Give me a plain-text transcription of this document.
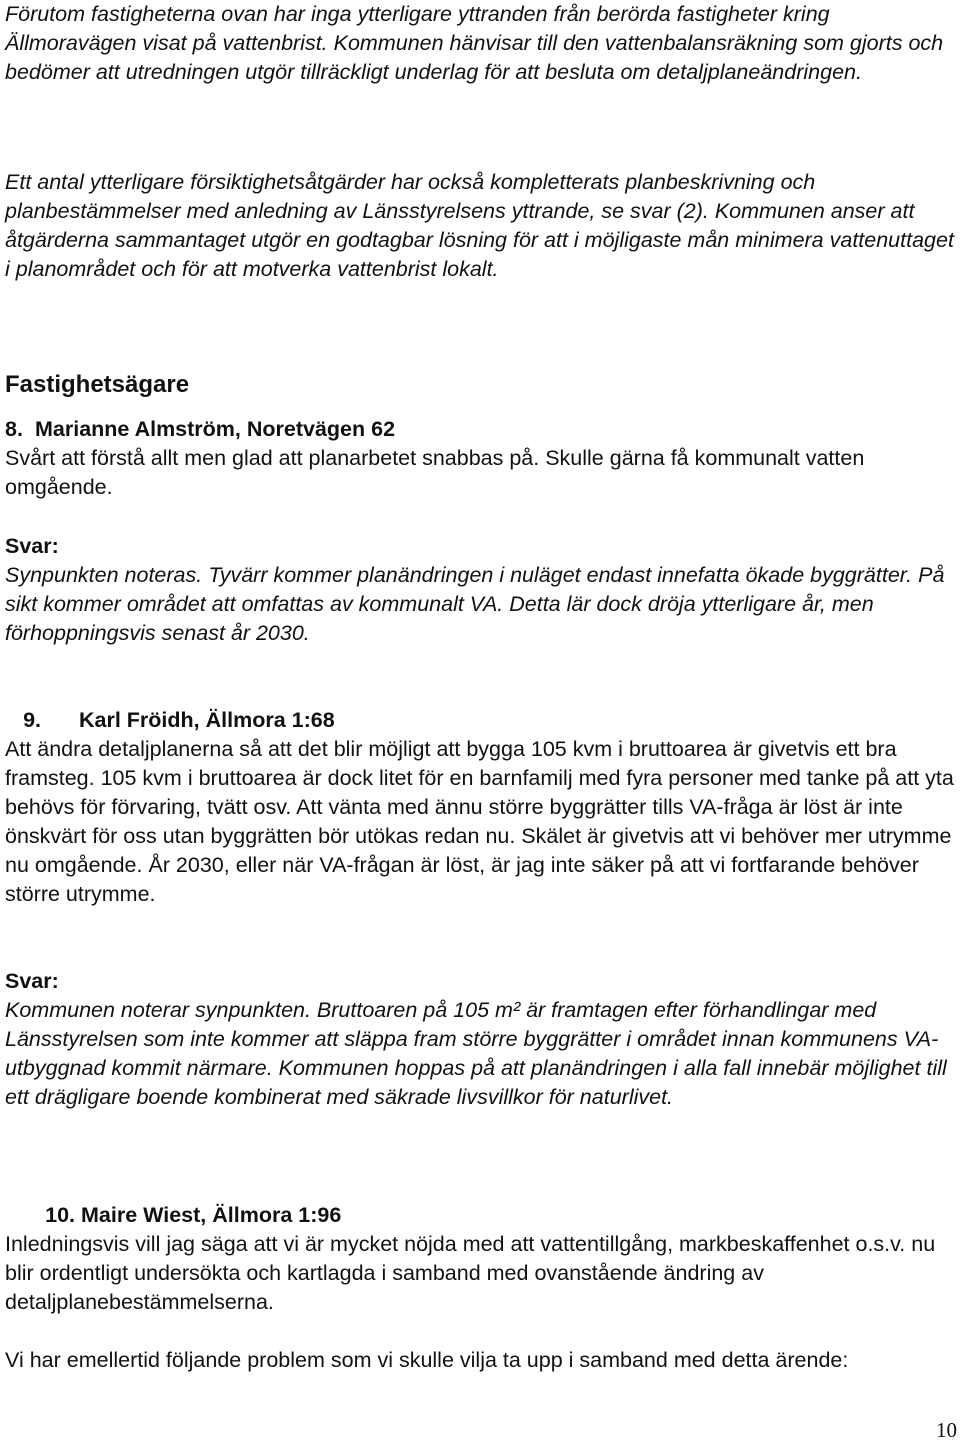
Förutom fastigheterna ovan har inga ytterligare yttranden från berörda fastigheter kring Ällmoravägen visat på vattenbrist. Kommunen hänvisar till den vattenbalansräkning som gjorts och bedömer att utredningen utgör tillräckligt underlag för att besluta om detaljplaneändringen.

Ett antal ytterligare försiktighetsåtgärder har också kompletterats planbeskrivning och planbestämmelser med anledning av Länsstyrelsens yttrande, se svar (2). Kommunen anser att åtgärderna sammantaget utgör en godtagbar lösning för att i möjligaste mån minimera vattenuttaget i planområdet och för att motverka vattenbrist lokalt.

Fastighetsägare
8. Marianne Almström, Noretvägen 62

Svårt att förstå allt men glad att planarbetet snabbas på. Skulle gärna få kommunalt vatten omgående.

Svar:

Synpunkten noteras. Tyvärr kommer planändringen i nuläget endast innefatta ökade byggrätter. På sikt kommer området att omfattas av kommunalt VA. Detta lär dock dröja ytterligare år, men förhoppningsvis senast år 2030.

9. Karl Fröidh, Ällmora 1:68

Att ändra detaljplanerna så att det blir möjligt att bygga 105 kvm i bruttoarea är givetvis ett bra framsteg. 105 kvm i bruttoarea är dock litet för en barnfamilj med fyra personer med tanke på att yta behövs för förvaring, tvätt osv. Att vänta med ännu större byggrätter tills VA-fråga är löst är inte önskvärt för oss utan byggrätten bör utökas redan nu. Skälet är givetvis att vi behöver mer utrymme nu omgående. År 2030, eller när VA-frågan är löst, är jag inte säker på att vi fortfarande behöver större utrymme.

Svar:

Kommunen noterar synpunkten. Bruttoaren på 105 m² är framtagen efter förhandlingar med Länsstyrelsen som inte kommer att släppa fram större byggrätter i området innan kommunens VA-utbyggnad kommit närmare. Kommunen hoppas på att planändringen i alla fall innebär möjlighet till ett drägligare boende kombinerat med säkrade livsvillkor för naturlivet.

10. Maire Wiest, Ällmora 1:96

Inledningsvis vill jag säga att vi är mycket nöjda med att vattentillgång, markbeskaffenhet o.s.v. nu blir ordentligt undersökta och kartlagda i samband med ovanstående ändring av detaljplanebestämmelserna.

Vi har emellertid följande problem som vi skulle vilja ta upp i samband med detta ärende:

10
